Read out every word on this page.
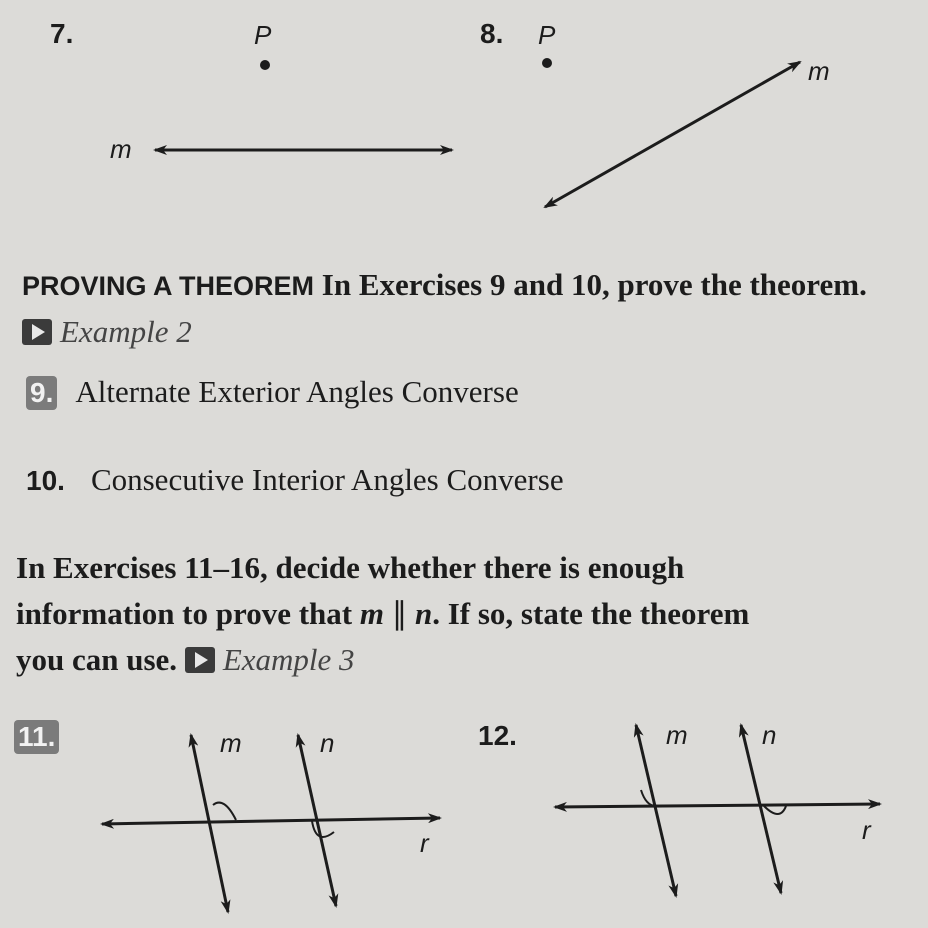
7.	P
m
8. P
m
PROVING A THEOREM In Exercises 9 and 10, prove the theorem. Example 2
9. Alternate Exterior Angles Converse
10. Consecutive Interior Angles Converse
In Exercises 11–16, decide whether there is enough
information to prove that m ∥ n. If so, state the theorem
you can use. Example 3
11.	m	n
r
12.	m	n
r
